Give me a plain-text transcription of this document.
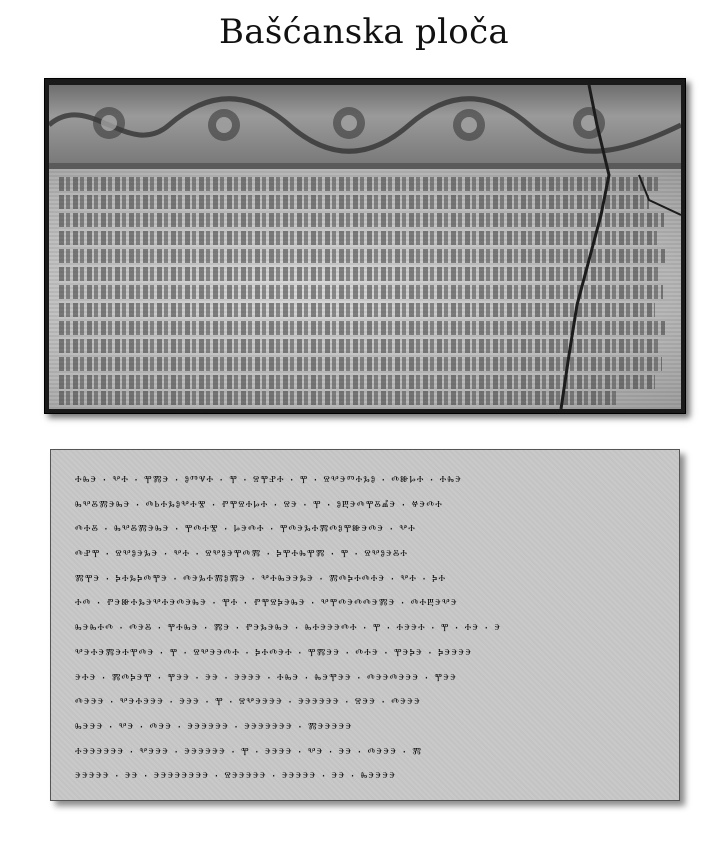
Bašćanska ploča
ⰰⰸⰵ · ⰲⰰ · ⰹⰿⰵ · ⱁⱅⱌⰰ · ⰹ · ⱄⰹⱀⰰ · ⰹ · ⱄⰲⰵⱅⰰⰳⱁ · ⰴⱆⱈⰰ · ⰰⰸⰵ
ⰸⰲⰻⰿⰵⰸⰵ · ⰴⱃⰰⰳⱁⰲⰰⰺ · ⱂⰹⱄⰰⱈⰰ · ⱄⰵ · ⰹ · ⱁⰱⰵⰴⰹⰻⰼⰵ · ⱍⰵⰴⰰ
ⰴⰰⰻ · ⰸⰲⰻⰿⰵⰸⰵ · ⰹⰴⰰⰺ · ⱈⰵⰴⰰ · ⰹⰴⰵⰳⰰⰿⰴⱁⰹⱆⰵⰴⰵ · ⰲⰰ
ⰴⱀⰹ · ⱄⰲⱁⰵⰳⰵ · ⰲⰰ · ⱄⰲⱁⰵⰹⰴⰿ · ⰽⰹⰰⰸⰹⰿ · ⰹ · ⱄⰲⱁⰵⰻⰰ
ⰿⰹⰵ · ⰽⰰⰳⰽⰴⰹⰵ · ⰴⰵⰳⰰⰿⱁⰿⰵ · ⰲⰰⰸⰵⰵⰳⰵ · ⰿⰴⰽⰰⰴⰰⰵ · ⰲⰰ · ⰽⰰ
ⰰⰴ · ⱂⰵⱆⰰⰳⰵⰲⰰⰵⰴⰵⰸⰵ · ⰹⰰ · ⱂⰹⱄⰽⰵⰸⰵ · ⰲⰹⰴⰵⰴⰴⰵⰿⰵ · ⰴⰰⰱⰵⰲⰵ
ⰸⰵⰸⰰⰴ · ⰴⰵⰻ · ⰹⰰⰸⰵ · ⰿⰵ · ⱂⰵⰳⰵⰸⰵ · ⰸⰰⰵⰵⰵⰴⰰ · ⰹ · ⰰⰵⰵⰰ · ⰹ · ⰰⰵ · ⰵ
ⰲⰵⰰⰵⰿⰵⰰⰹⰴⰵ · ⰹ · ⱄⰲⰵⰵⰴⰰ · ⰽⰰⰴⰵⰰ · ⰹⰿⰵⰵ · ⰴⰰⰵ · ⰹⰵⰽⰵ · ⰽⰵⰵⰵⰵ
ⰵⰰⰵ · ⰿⰴⰽⰵⰹ · ⰹⰵⰵ · ⰵⰵ · ⰵⰵⰵⰵ · ⰰⰸⰵ · ⰸⰵⰹⰵⰵ · ⰴⰵⰵⰴⰵⰵⰵ · ⰹⰵⰵ
ⰴⰵⰵⰵ · ⰲⰵⰰⰵⰵⰵ · ⰵⰵⰵ · ⰹ · ⱄⰲⰵⰵⰵⰵ · ⰵⰵⰵⰵⰵⰵ · ⱄⰵⰵ · ⰴⰵⰵⰵ
ⰸⰵⰵⰵ · ⰲⰵ · ⰴⰵⰵ · ⰵⰵⰵⰵⰵⰵ · ⰵⰵⰵⰵⰵⰵⰵ · ⰿⰵⰵⰵⰵⰵ
ⰰⰵⰵⰵⰵⰵⰵ · ⰲⰵⰵⰵ · ⰵⰵⰵⰵⰵⰵ · ⰹ · ⰵⰵⰵⰵ · ⰲⰵ · ⰵⰵ · ⰴⰵⰵⰵ · ⰿ
ⰵⰵⰵⰵⰵ · ⰵⰵ · ⰵⰵⰵⰵⰵⰵⰵⰵ · ⱄⰵⰵⰵⰵⰵ · ⰵⰵⰵⰵⰵ · ⰵⰵ · ⰸⰵⰵⰵⰵ
